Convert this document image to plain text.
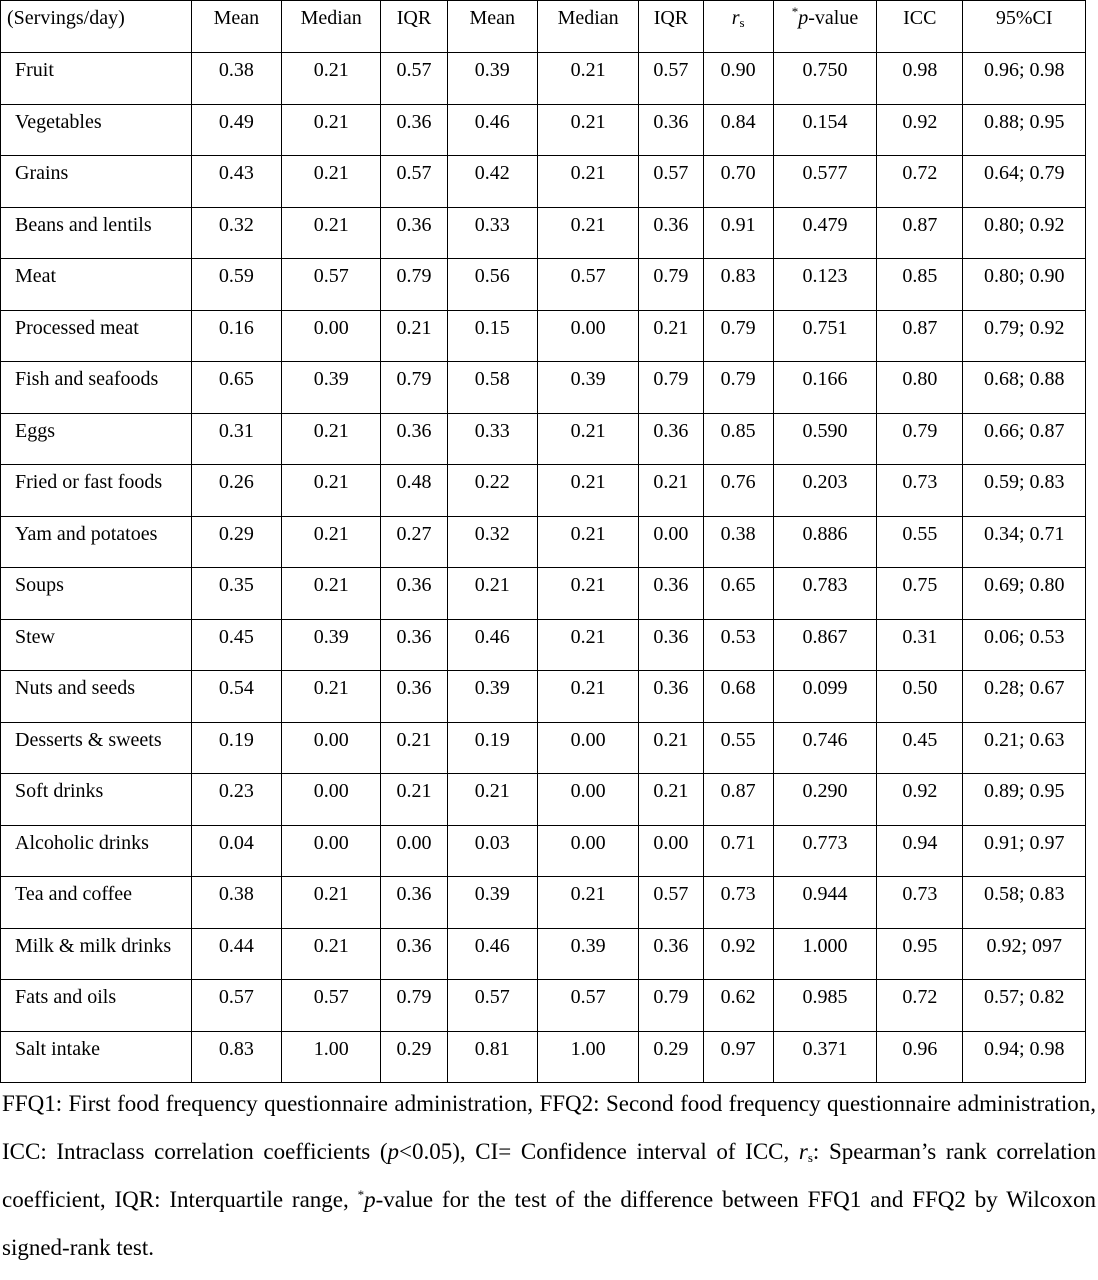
(Servings/day)	Mean	Median	IQR	Mean	Median	IQR	$r_s$	*p-value	ICC	95%CI
Fruit	0.38	0.21	0.57	0.39	0.21	0.57	0.90	0.750	0.98	0.96; 0.98
Vegetables	0.49	0.21	0.36	0.46	0.21	0.36	0.84	0.154	0.92	0.88; 0.95
Grains	0.43	0.21	0.57	0.42	0.21	0.57	0.70	0.577	0.72	0.64; 0.79
Beans and lentils	0.32	0.21	0.36	0.33	0.21	0.36	0.91	0.479	0.87	0.80; 0.92
Meat	0.59	0.57	0.79	0.56	0.57	0.79	0.83	0.123	0.85	0.80; 0.90
Processed meat	0.16	0.00	0.21	0.15	0.00	0.21	0.79	0.751	0.87	0.79; 0.92
Fish and seafoods	0.65	0.39	0.79	0.58	0.39	0.79	0.79	0.166	0.80	0.68; 0.88
Eggs	0.31	0.21	0.36	0.33	0.21	0.36	0.85	0.590	0.79	0.66; 0.87
Fried or fast foods	0.26	0.21	0.48	0.22	0.21	0.21	0.76	0.203	0.73	0.59; 0.83
Yam and potatoes	0.29	0.21	0.27	0.32	0.21	0.00	0.38	0.886	0.55	0.34; 0.71
Soups	0.35	0.21	0.36	0.21	0.21	0.36	0.65	0.783	0.75	0.69; 0.80
Stew	0.45	0.39	0.36	0.46	0.21	0.36	0.53	0.867	0.31	0.06; 0.53
Nuts and seeds	0.54	0.21	0.36	0.39	0.21	0.36	0.68	0.099	0.50	0.28; 0.67
Desserts & sweets	0.19	0.00	0.21	0.19	0.00	0.21	0.55	0.746	0.45	0.21; 0.63
Soft drinks	0.23	0.00	0.21	0.21	0.00	0.21	0.87	0.290	0.92	0.89; 0.95
Alcoholic drinks	0.04	0.00	0.00	0.03	0.00	0.00	0.71	0.773	0.94	0.91; 0.97
Tea and coffee	0.38	0.21	0.36	0.39	0.21	0.57	0.73	0.944	0.73	0.58; 0.83
Milk & milk drinks	0.44	0.21	0.36	0.46	0.39	0.36	0.92	1.000	0.95	0.92; 097
Fats and oils	0.57	0.57	0.79	0.57	0.57	0.79	0.62	0.985	0.72	0.57; 0.82
Salt intake	0.83	1.00	0.29	0.81	1.00	0.29	0.97	0.371	0.96	0.94; 0.98
FFQ1: First food frequency questionnaire administration, FFQ2: Second food frequency questionnaire administration, ICC: Intraclass correlation coefficients (p<0.05), CI= Confidence interval of ICC, $r_s$: Spearman’s rank correlation coefficient, IQR: Interquartile range, *p-value for the test of the difference between FFQ1 and FFQ2 by Wilcoxon signed-rank test.
